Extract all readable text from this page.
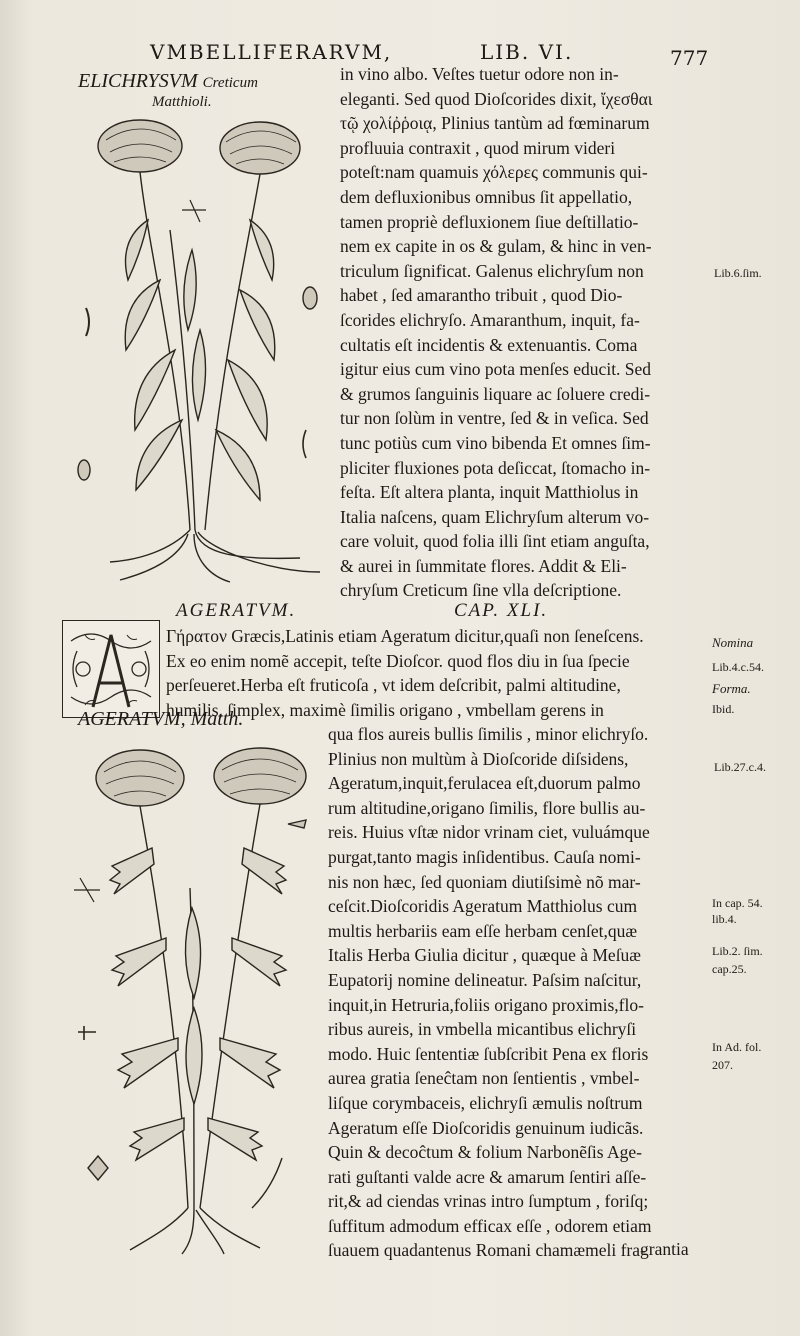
VMBELLIFERARVM,	LIB. VI.	777
ELICHRYSVM Creticum
Matthioli.
in vino albo. Veſtes tuetur odore non in-
eleganti. Sed quod Dioſcorides dixit, ἴχεσθαι
τῷ χολίῤῥοιᾳ, Plinius tantùm ad fœminarum
profluuia contraxit , quod mirum videri
poteſt:nam quamuis χόλερες communis qui-
dem defluxionibus omnibus ſit appellatio,
tamen propriè defluxionem ſiue deſtillatio-
nem ex capite in os & gulam, & hinc in ven-
triculum ſignificat. Galenus elichryſum non
habet , ſed amarantho tribuit , quod Dio-
ſcorides elichryſo. Amaranthum, inquit, fa-
cultatis eſt incidentis & extenuantis. Coma
igitur eius cum vino pota menſes educit. Sed
& grumos ſanguinis liquare ac ſoluere credi-
tur non ſolùm in ventre, ſed & in veſica. Sed
tunc potiùs cum vino bibenda Et omnes ſim-
pliciter fluxiones pota deſiccat, ſtomacho in-
feſta. Eſt altera planta, inquit Matthiolus in
Italia naſcens, quam Elichryſum alterum vo-
care voluit, quod folia illi ſint etiam anguſta,
& aurei in ſummitate flores. Addit & Eli-
chryſum Creticum ſine vlla deſcriptione.
Lib.6.ſim.
AGERATVM.	CAP. XLI.
Γήρατον Græcis,Latinis etiam Ageratum dicitur,quaſi non ſeneſcens.
Ex eo enim nomẽ accepit, teſte Dioſcor. quod flos diu in ſua ſpecie
perſeueret.Herba eſt fruticoſa , vt idem deſcribit, palmi altitudine,
humilis, ſimplex, maximè ſimilis origano , vmbellam gerens in
AGERATVM, Matth.
qua flos aureis bullis ſimilis , minor elichryſo.
Plinius non multùm à Dioſcoride diſsidens,
Ageratum,inquit,ferulacea eſt,duorum palmo
rum altitudine,origano ſimilis, flore bullis au-
reis. Huius vſtæ nidor vrinam ciet, vuluámque
purgat,tanto magis inſidentibus. Cauſa nomi-
nis non hæc, ſed quoniam diutiſsimè nõ mar-
ceſcit.Dioſcoridis Ageratum Matthiolus cum
multis herbariis eam eſſe herbam cenſet,quæ
Italis Herba Giulia dicitur , quæque à Meſuæ
Eupatorij nomine delineatur. Paſsim naſcitur,
inquit,in Hetruria,foliis origano proximis,flo-
ribus aureis, in vmbella micantibus elichryſi
modo. Huic ſententiæ ſubſcribit Pena ex floris
aurea gratia ſeneĉtam non ſentientis , vmbel-
liſque corymbaceis, elichryſi æmulis noſtrum
Ageratum eſſe Dioſcoridis genuinum iudicãs.
Quin & decoĉtum & folium Narbonẽſis Age-
rati guſtanti valde acre & amarum ſentiri aſſe-
rit,& ad ciendas vrinas intro ſumptum , foriſq;
ſuffitum admodum efficax eſſe , odorem etiam
ſuauem quadantenus Romani chamæmeli fra-
grantia
Nomina
Lib.4.c.54.
Forma.
Ibid.
Lib.27.c.4.
In cap. 54.
lib.4.
Lib.2. ſim.
cap.25.
In Ad. fol.
207.
